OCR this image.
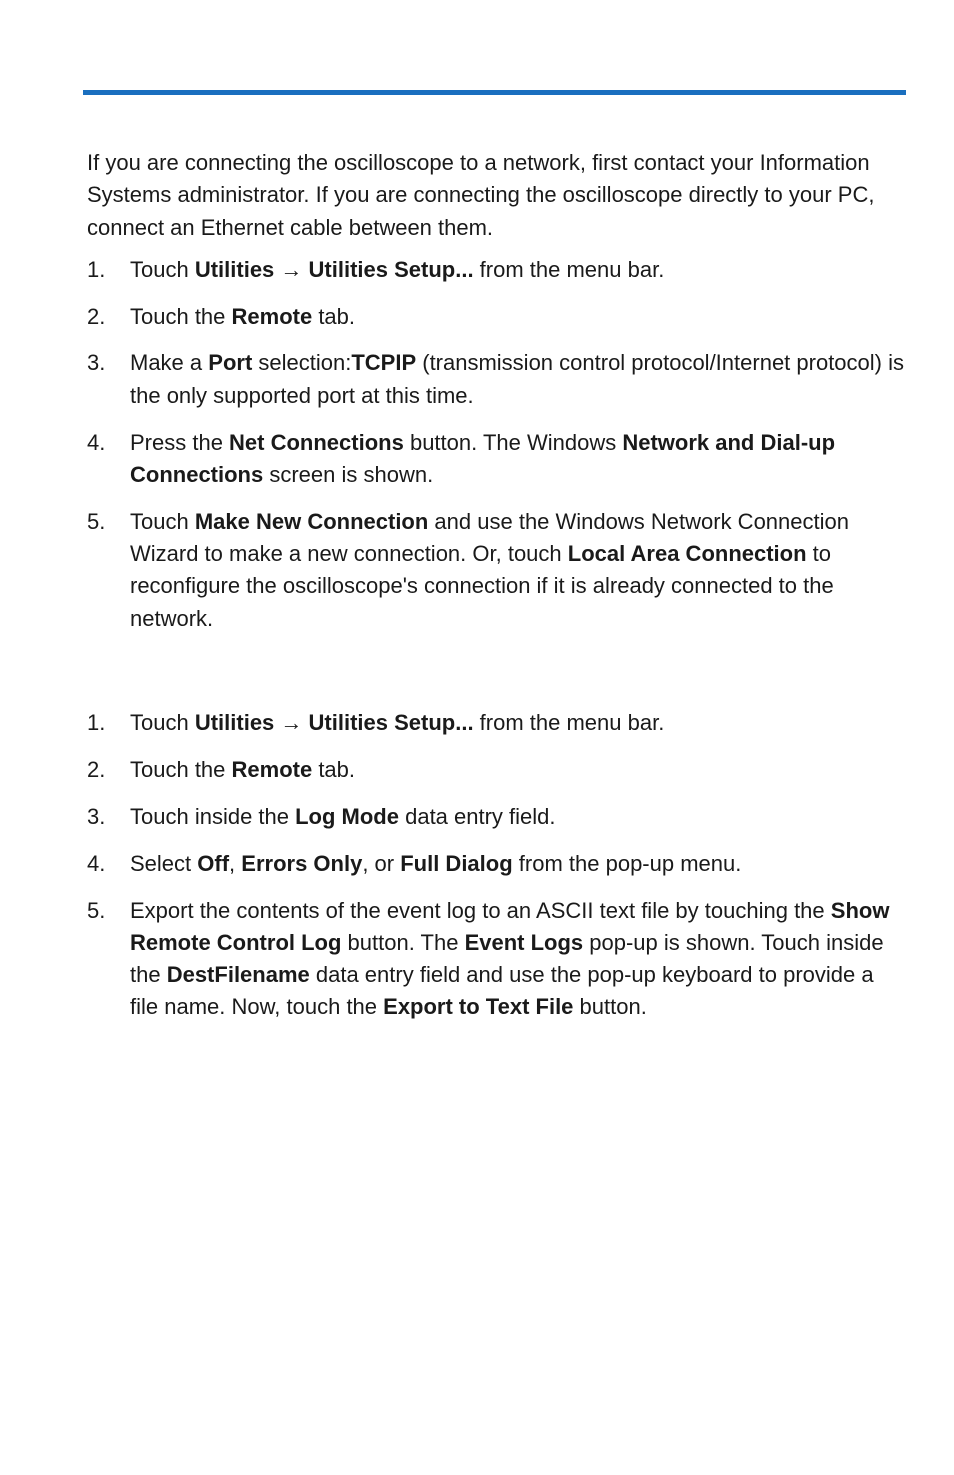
If you are connecting the oscilloscope to a network, first contact your Information Systems administrator. If you are connecting the oscilloscope directly to your PC, connect an Ethernet cable between them.

1. Touch Utilities → Utilities Setup... from the menu bar.
2. Touch the Remote tab.
3. Make a Port selection:TCPIP (transmission control protocol/Internet protocol) is the only supported port at this time.
4. Press the Net Connections button. The Windows Network and Dial-up Connections screen is shown.
5. Touch Make New Connection and use the Windows Network Connection Wizard to make a new connection. Or, touch Local Area Connection to reconfigure the oscilloscope's connection if it is already connected to the network.
1. Touch Utilities → Utilities Setup... from the menu bar.
2. Touch the Remote tab.
3. Touch inside the Log Mode data entry field.
4. Select Off, Errors Only, or Full Dialog from the pop-up menu.
5. Export the contents of the event log to an ASCII text file by touching the Show Remote Control Log button. The Event Logs pop-up is shown. Touch inside the DestFilename data entry field and use the pop-up keyboard to provide a file name. Now, touch the Export to Text File button.
